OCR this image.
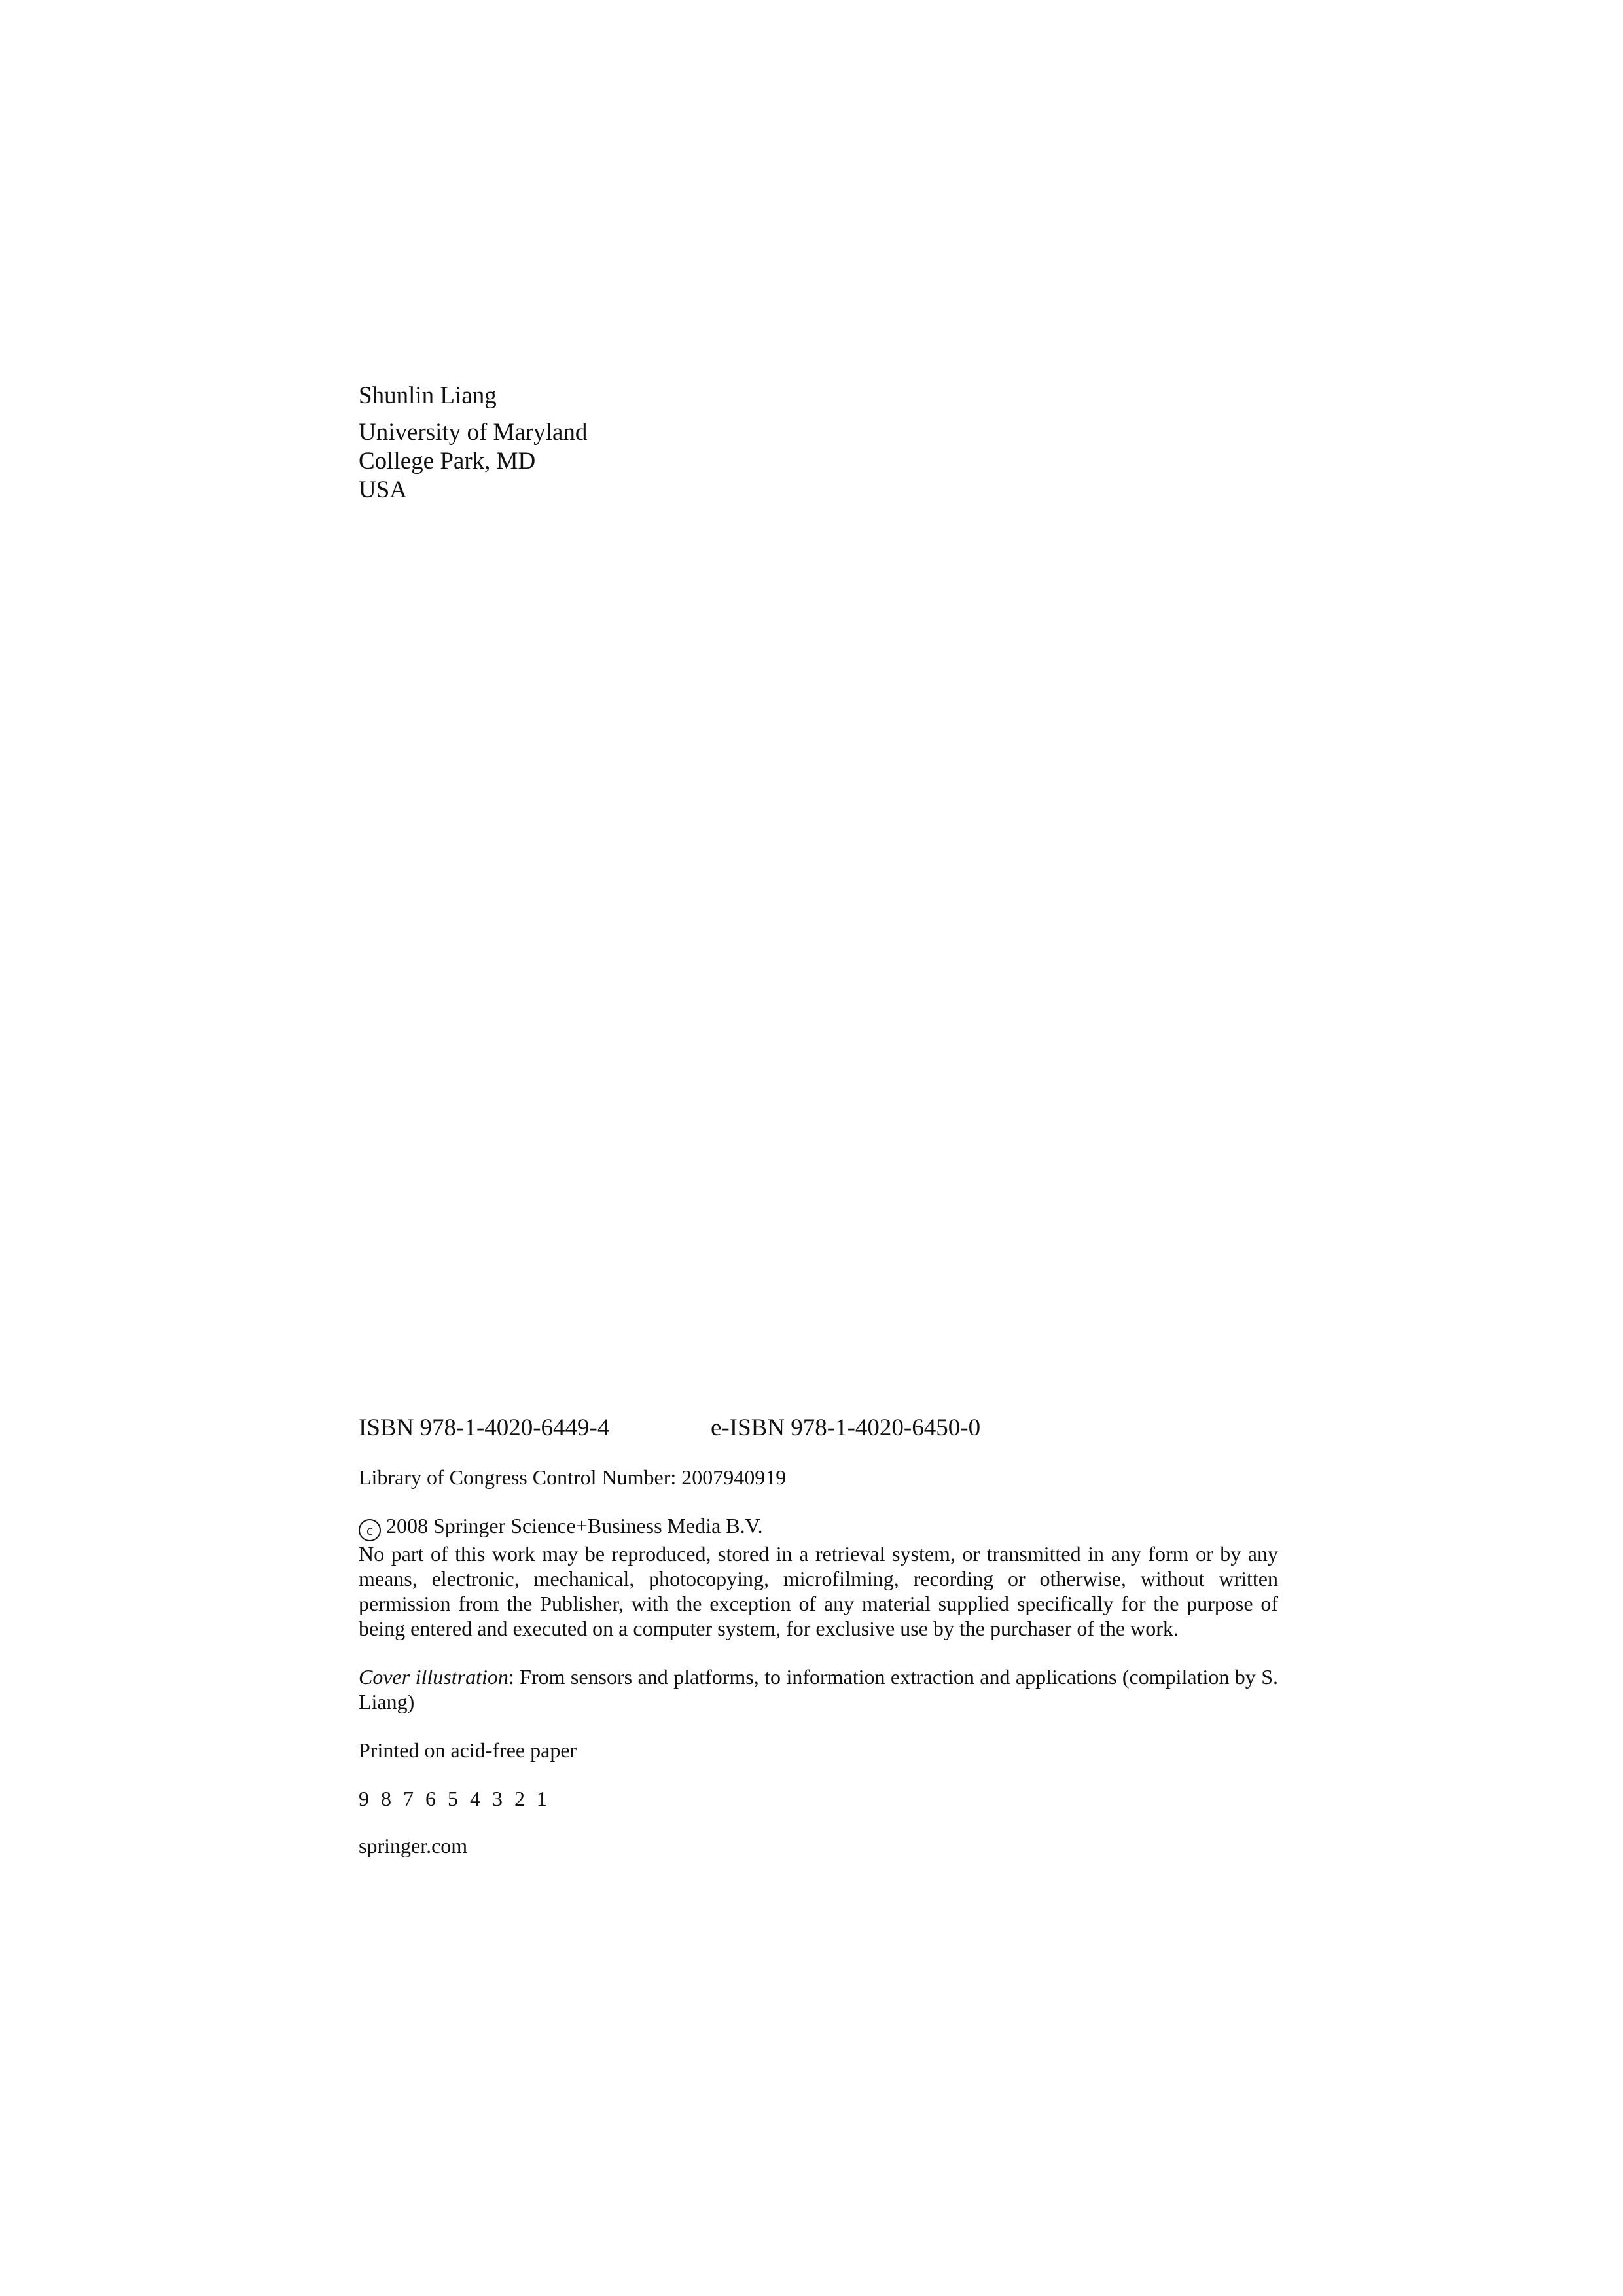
Shunlin Liang
University of Maryland
College Park, MD
USA

ISBN 978-1-4020-6449-4	e-ISBN 978-1-4020-6450-0

Library of Congress Control Number: 2007940919
c 2008 Springer Science+Business Media B.V.

No part of this work may be reproduced, stored in a retrieval system, or transmitted in any form or by any means, electronic, mechanical, photocopying, microfilming, recording or otherwise, without written permission from the Publisher, with the exception of any material supplied specifically for the purpose of being entered and executed on a computer system, for exclusive use by the purchaser of the work.

Cover illustration: From sensors and platforms, to information extraction and applications (compilation by S. Liang)
Printed on acid-free paper
9 8 7 6 5 4 3 2 1
springer.com
